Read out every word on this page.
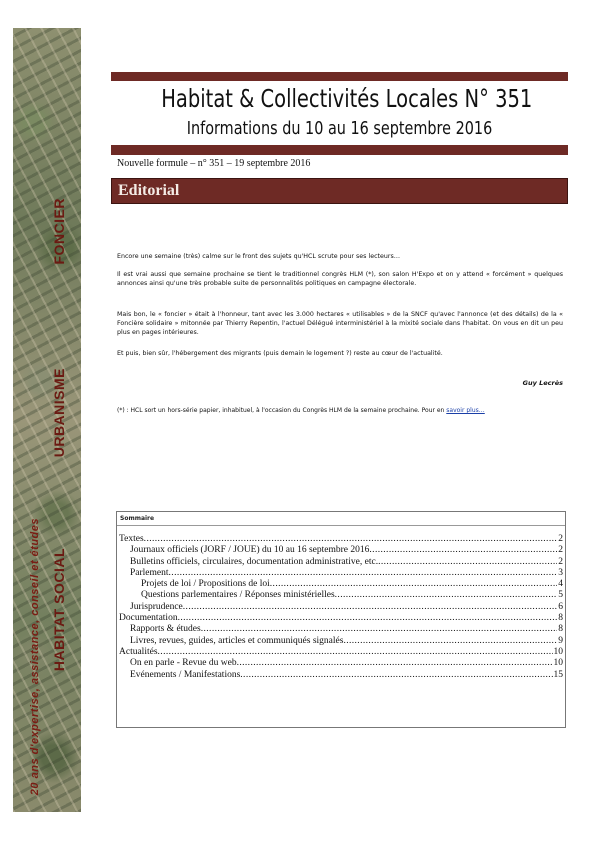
FONCIER
URBANISME
HABITAT SOCIAL
20 ans d'expertise, assistance, conseil et études
Habitat & Collectivités Locales N° 351
Informations du 10 au 16 septembre 2016
Nouvelle formule – n° 351 – 19 septembre 2016
Editorial

Encore une semaine (très) calme sur le front des sujets qu'HCL scrute pour ses lecteurs…

Il est vrai aussi que semaine prochaine se tient le traditionnel congrès HLM (*), son salon H'Expo et on y attend « forcément » quelques annonces ainsi qu'une très probable suite de personnalités politiques en campagne électorale.

Mais bon, le « foncier » était à l'honneur, tant avec les 3.000 hectares « utilisables » de la SNCF qu'avec l'annonce (et des détails) de la « Foncière solidaire » mitonnée par Thierry Repentin, l'actuel Délégué interministériel à la mixité sociale dans l'habitat. On vous en dit un peu plus en pages intérieures.

Et puis, bien sûr, l'hébergement des migrants (puis demain le logement ?) reste au cœur de l'actualité.

Guy Lecrès
(*) : HCL sort un hors-série papier, inhabituel, à l'occasion du Congrès HLM de la semaine prochaine. Pour en savoir plus…
Sommaire
Textes .....	2
Journaux officiels (JORF / JOUE) du 10 au 16 septembre 2016 .....	2
Bulletins officiels, circulaires, documentation administrative, etc. .....	2
Parlement .....	3
Projets de loi / Propositions de loi .....	4
Questions parlementaires / Réponses ministérielles .....	5
Jurisprudence .....	6
Documentation .....	8
Rapports & études .....	8
Livres, revues, guides, articles et communiqués signalés .....	9
Actualités .....	10
On en parle - Revue du web .....	10
Evénements / Manifestations .....	15
